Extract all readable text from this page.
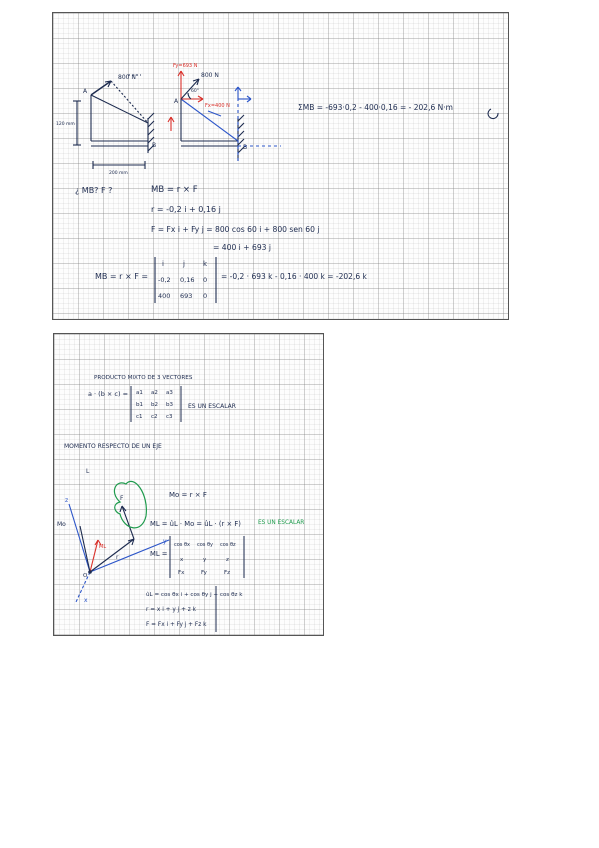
800 N
A
B
120 mm
200 mm
Fy=693 N
800 N
A
B
Fx=400 N
60°
ΣMB = -693·0,2 - 400·0,16 = - 202,6 N·m
¿ MB? F ?	MB = r × F
r = -0,2 i + 0,16 j
F = Fx i + Fy j = 800 cos 60 i + 800 sen 60 j
= 400 i + 693 j
MB = r × F =
i	j	k
-0,2 0,16 0
400 693 0
= -0,2 · 693 k - 0,16 · 400 k = -202,6 k
PRODUCTO MIXTO DE 3 VECTORES
a · (b × c) = a1 a2 a3
b1 b2 b3
c1 c2 c3
ES UN ESCALAR
MOMENTO RESPECTO DE UN EJE
L
z
y
x
F
r
O
ML
Mo
Mo = r × F
ML = ûL · Mo = ûL · (r × F)	ES UN ESCALAR
ML =
cos θx cos θy cos θz
x	y	z
Fx	Fy	Fz
ûL = cos θx i + cos θy j + cos θz k
r = x i + y j + z k
F = Fx i + Fy j + Fz k
